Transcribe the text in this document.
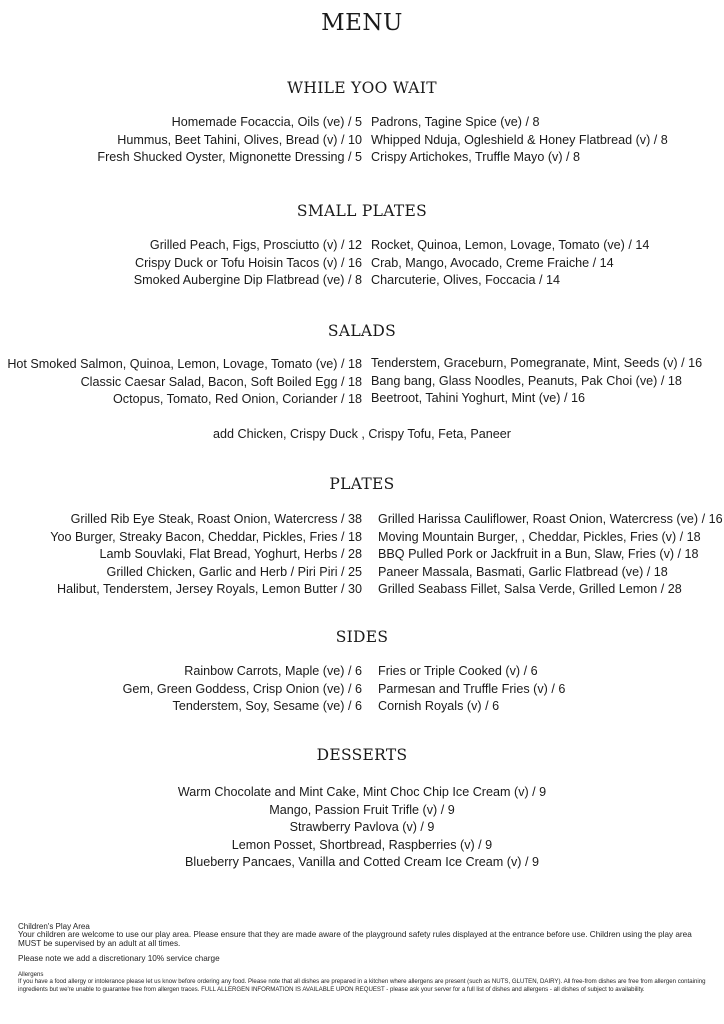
MENU
WHILE YOO WAIT
Homemade Focaccia, Oils (ve) / 5
Hummus, Beet Tahini, Olives, Bread (v) / 10
Fresh Shucked Oyster, Mignonette Dressing / 5
Padrons, Tagine Spice (ve) / 8
Whipped Nduja, Ogleshield & Honey Flatbread (v) / 8
Crispy Artichokes, Truffle Mayo (v) / 8
SMALL PLATES
Grilled Peach, Figs, Prosciutto (v) / 12
Crispy Duck or Tofu Hoisin Tacos (v) / 16
Smoked Aubergine Dip Flatbread (ve) / 8
Rocket, Quinoa, Lemon, Lovage, Tomato (ve) / 14
Crab, Mango, Avocado, Creme Fraiche / 14
Charcuterie, Olives, Foccacia / 14
SALADS
Hot Smoked Salmon, Quinoa, Lemon, Lovage, Tomato (ve) / 18
Classic Caesar Salad, Bacon, Soft Boiled Egg / 18
Octopus, Tomato, Red Onion, Coriander / 18
Tenderstem, Graceburn, Pomegranate, Mint, Seeds (v) / 16
Bang bang, Glass Noodles, Peanuts, Pak Choi (ve) / 18
Beetroot, Tahini Yoghurt, Mint (ve) / 16
add Chicken, Crispy Duck , Crispy Tofu, Feta, Paneer
PLATES
Grilled Rib Eye Steak, Roast Onion, Watercress / 38
Yoo Burger, Streaky Bacon, Cheddar, Pickles, Fries / 18
Lamb Souvlaki, Flat Bread, Yoghurt, Herbs / 28
Grilled Chicken, Garlic and Herb / Piri Piri / 25
Halibut, Tenderstem, Jersey Royals, Lemon Butter / 30
Grilled Harissa Cauliflower, Roast Onion, Watercress (ve) / 16
Moving Mountain Burger, , Cheddar, Pickles, Fries (v) / 18
BBQ Pulled Pork or Jackfruit in a Bun, Slaw, Fries (v) / 18
Paneer Massala, Basmati, Garlic Flatbread (ve) / 18
Grilled Seabass Fillet, Salsa Verde, Grilled Lemon / 28
SIDES
Rainbow Carrots, Maple (ve) / 6
Gem, Green Goddess, Crisp Onion (ve) / 6
Tenderstem, Soy, Sesame (ve) / 6
Fries or Triple Cooked (v) / 6
Parmesan and Truffle Fries (v) / 6
Cornish Royals (v) / 6
DESSERTS
Warm Chocolate and Mint Cake, Mint Choc Chip Ice Cream (v) / 9
Mango, Passion Fruit Trifle (v) / 9
Strawberry Pavlova (v) / 9
Lemon Posset, Shortbread, Raspberries (v) / 9
Blueberry Pancaes, Vanilla and Cotted Cream Ice Cream (v) / 9
Children's Play Area
Your children are welcome to use our play area. Please ensure that they are made aware of the playground safety rules displayed at the entrance before use. Children using the play area MUST be supervised by an adult at all times.
Please note we add a discretionary 10% service charge
Allergens
If you have a food allergy or intolerance please let us know before ordering any food. Please note that all dishes are prepared in a kitchen where allergens are present (such as NUTS, GLUTEN, DAIRY). All free-from dishes are free from allergen containing ingredients but we're unable to guarantee free from allergen traces. FULL ALLERGEN INFORMATION IS AVAILABLE UPON REQUEST - please ask your server for a full list of dishes and allergens - all dishes of subject to availability.
